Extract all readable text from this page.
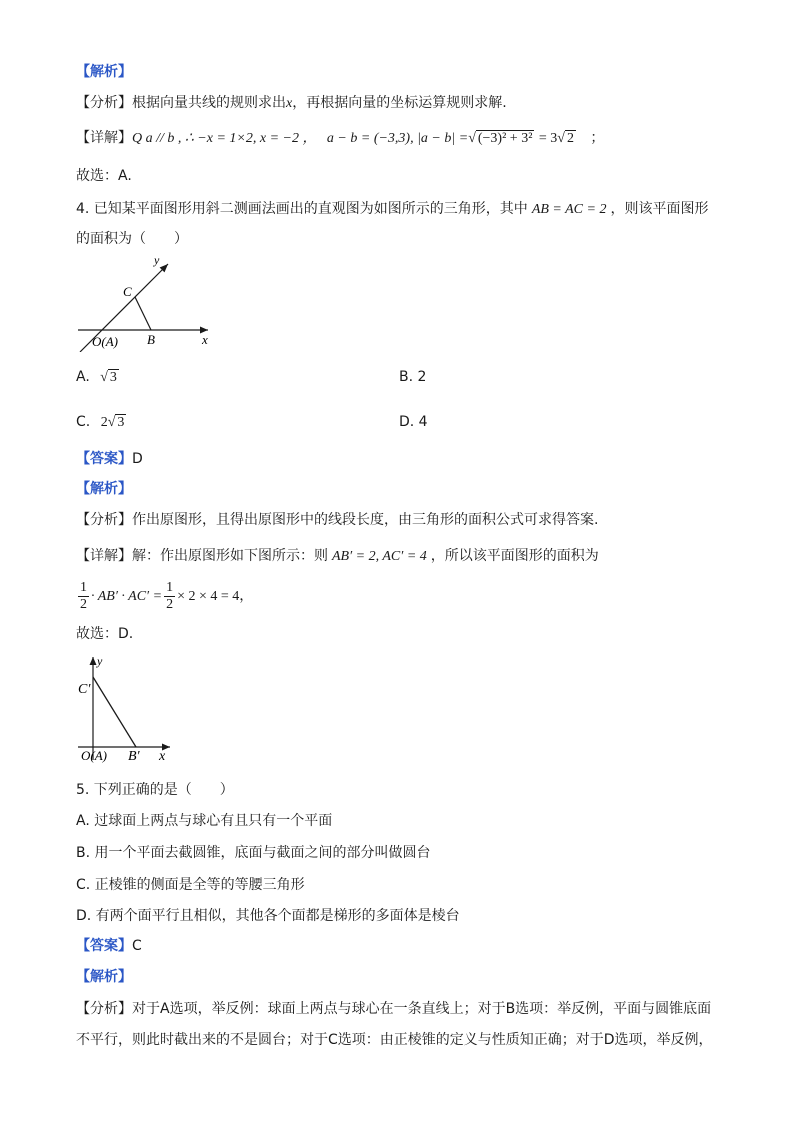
【解析】
【分析】根据向量共线的规则求出x，再根据向量的坐标运算规则求解.
【详解】Q a // b , ∴ −x = 1×2, x = −2 ， a − b = (−3,3), |a − b| =√ (−3)² + 3² = 3√ 2 ；
故选：A.
4. 已知某平面图形用斜二测画法画出的直观图为如图所示的三角形，其中 AB = AC = 2 ，则该平面图形
的面积为（　　）
y
C
O(A) B	x
A. √ 3	B. 2
C. 2√ 3	D. 4
【答案】D
【解析】
【分析】作出原图形，且得出原图形中的线段长度，由三角形的面积公式可求得答案.
【详解】解：作出原图形如下图所示：则 AB′ = 2, AC′ = 4 ，所以该平面图形的面积为
$\frac{1}{2} \cdot AB' \cdot AC' = \frac{1}{2} \times 2 \times 4 = 4$，
故选：D.
y
C′
O(A) B′ x
5. 下列正确的是（　　）
A. 过球面上两点与球心有且只有一个平面
B. 用一个平面去截圆锥，底面与截面之间的部分叫做圆台
C. 正棱锥的侧面是全等的等腰三角形
D. 有两个面平行且相似，其他各个面都是梯形的多面体是棱台
【答案】C
【解析】
【分析】对于A选项，举反例：球面上两点与球心在一条直线上；对于B选项：举反例，平面与圆锥底面
不平行，则此时截出来的不是圆台；对于C选项：由正棱锥的定义与性质知正确；对于D选项，举反例，
